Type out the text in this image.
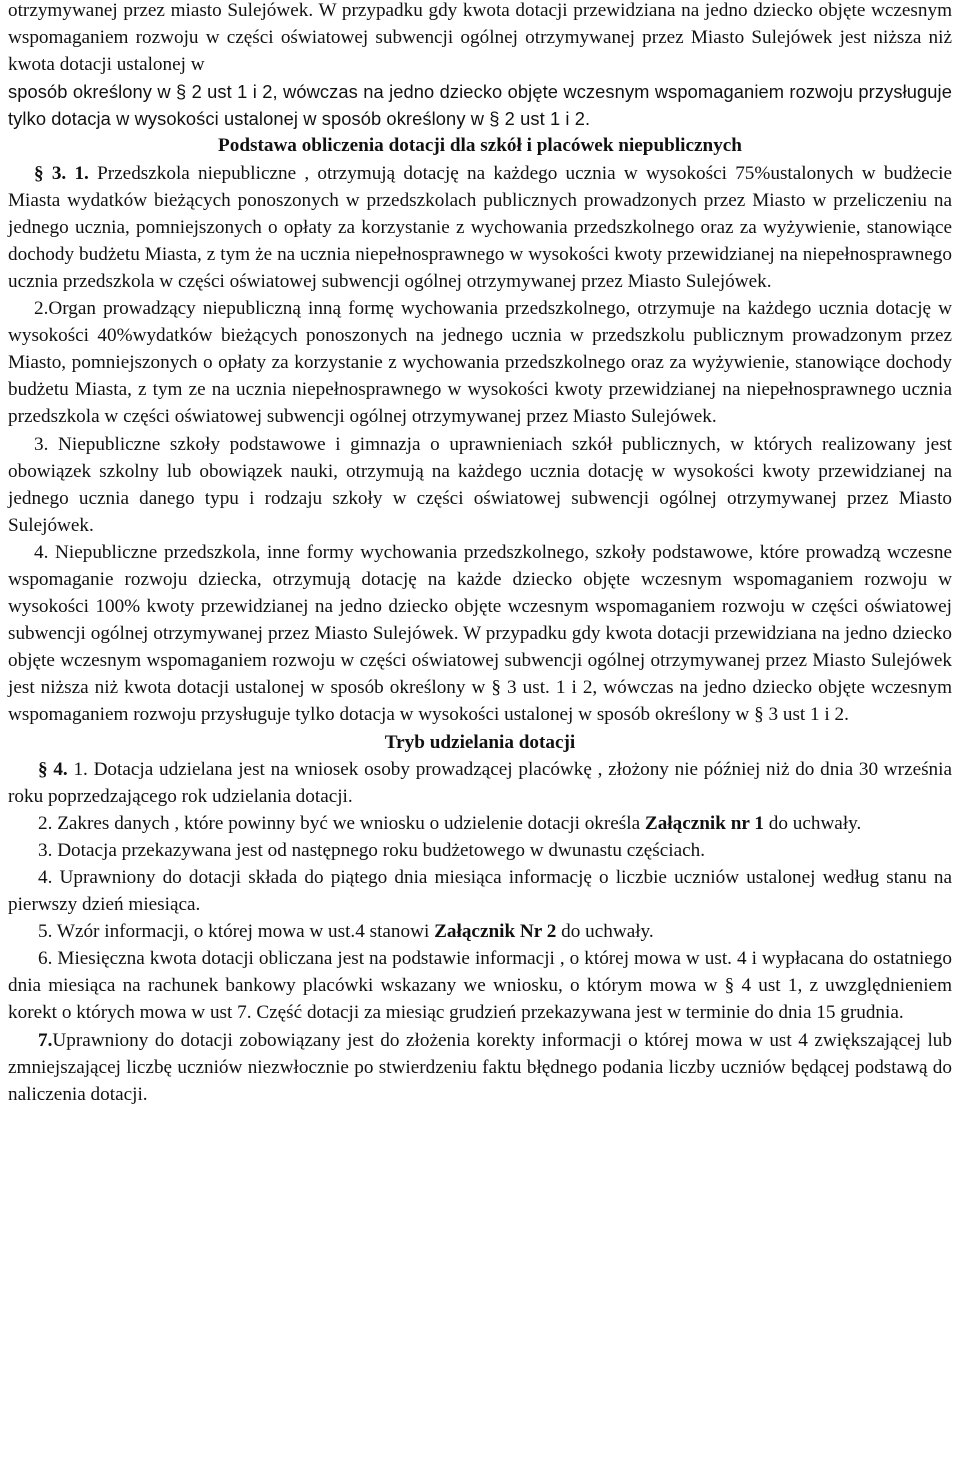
otrzymywanej przez miasto Sulejówek. W przypadku gdy kwota dotacji przewidziana na jedno dziecko objęte wczesnym wspomaganiem rozwoju w części oświatowej subwencji ogólnej otrzymywanej przez Miasto Sulejówek jest niższa niż kwota dotacji ustalonej w

sposób określony w § 2 ust 1 i 2, wówczas na jedno dziecko objęte wczesnym wspomaganiem rozwoju przysługuje tylko dotacja w wysokości ustalonej w sposób określony w § 2 ust 1 i 2.

Podstawa obliczenia dotacji dla szkół i placówek niepublicznych

§ 3. 1. Przedszkola niepubliczne , otrzymują dotację na każdego ucznia w wysokości 75%ustalonych w budżecie Miasta wydatków bieżących ponoszonych w przedszkolach publicznych prowadzonych przez Miasto w przeliczeniu na jednego ucznia, pomniejszonych o opłaty za korzystanie z wychowania przedszkolnego oraz za wyżywienie, stanowiące dochody budżetu Miasta, z tym że na ucznia niepełnosprawnego w wysokości kwoty przewidzianej na niepełnosprawnego ucznia przedszkola w części oświatowej subwencji ogólnej otrzymywanej przez Miasto Sulejówek.

2.Organ prowadzący niepubliczną inną formę wychowania przedszkolnego, otrzymuje na każdego ucznia dotację w wysokości 40%wydatków bieżących ponoszonych na jednego ucznia w przedszkolu publicznym prowadzonym przez Miasto, pomniejszonych o opłaty za korzystanie z wychowania przedszkolnego oraz za wyżywienie, stanowiące dochody budżetu Miasta, z tym ze na ucznia niepełnosprawnego w wysokości kwoty przewidzianej na niepełnosprawnego ucznia przedszkola w części oświatowej subwencji ogólnej otrzymywanej przez Miasto Sulejówek.

3. Niepubliczne szkoły podstawowe i gimnazja o uprawnieniach szkół publicznych, w których realizowany jest obowiązek szkolny lub obowiązek nauki, otrzymują na każdego ucznia dotację w wysokości kwoty przewidzianej na jednego ucznia danego typu i rodzaju szkoły w części oświatowej subwencji ogólnej otrzymywanej przez Miasto Sulejówek.

4. Niepubliczne przedszkola, inne formy wychowania przedszkolnego, szkoły podstawowe, które prowadzą wczesne wspomaganie rozwoju dziecka, otrzymują dotację na każde dziecko objęte wczesnym wspomaganiem rozwoju w wysokości 100% kwoty przewidzianej na jedno dziecko objęte wczesnym wspomaganiem rozwoju w części oświatowej subwencji ogólnej otrzymywanej przez Miasto Sulejówek. W przypadku gdy kwota dotacji przewidziana na jedno dziecko objęte wczesnym wspomaganiem rozwoju w części oświatowej subwencji ogólnej otrzymywanej przez Miasto Sulejówek jest niższa niż kwota dotacji ustalonej w sposób określony w § 3 ust. 1 i 2, wówczas na jedno dziecko objęte wczesnym wspomaganiem rozwoju przysługuje tylko dotacja w wysokości ustalonej w sposób określony w § 3 ust 1 i 2.

Tryb udzielania dotacji

§ 4. 1. Dotacja udzielana jest na wniosek osoby prowadzącej placówkę , złożony nie później niż do dnia 30 września roku poprzedzającego rok udzielania dotacji.

2. Zakres danych , które powinny być we wniosku o udzielenie dotacji określa Załącznik nr 1 do uchwały.

3. Dotacja przekazywana jest od następnego roku budżetowego w dwunastu częściach.

4. Uprawniony do dotacji składa do piątego dnia miesiąca informację o liczbie uczniów ustalonej według stanu na pierwszy dzień miesiąca.

5. Wzór informacji, o której mowa w ust.4 stanowi Załącznik Nr 2 do uchwały.

6. Miesięczna kwota dotacji obliczana jest na podstawie informacji , o której mowa w ust. 4 i wypłacana do ostatniego dnia miesiąca na rachunek bankowy placówki wskazany we wniosku, o którym mowa w § 4 ust 1, z uwzględnieniem korekt o których mowa w ust 7. Część dotacji za miesiąc grudzień przekazywana jest w terminie do dnia 15 grudnia.

7.Uprawniony do dotacji zobowiązany jest do złożenia korekty informacji o której mowa w ust 4 zwiększającej lub zmniejszającej liczbę uczniów niezwłocznie po stwierdzeniu faktu błędnego podania liczby uczniów będącej podstawą do naliczenia dotacji.
